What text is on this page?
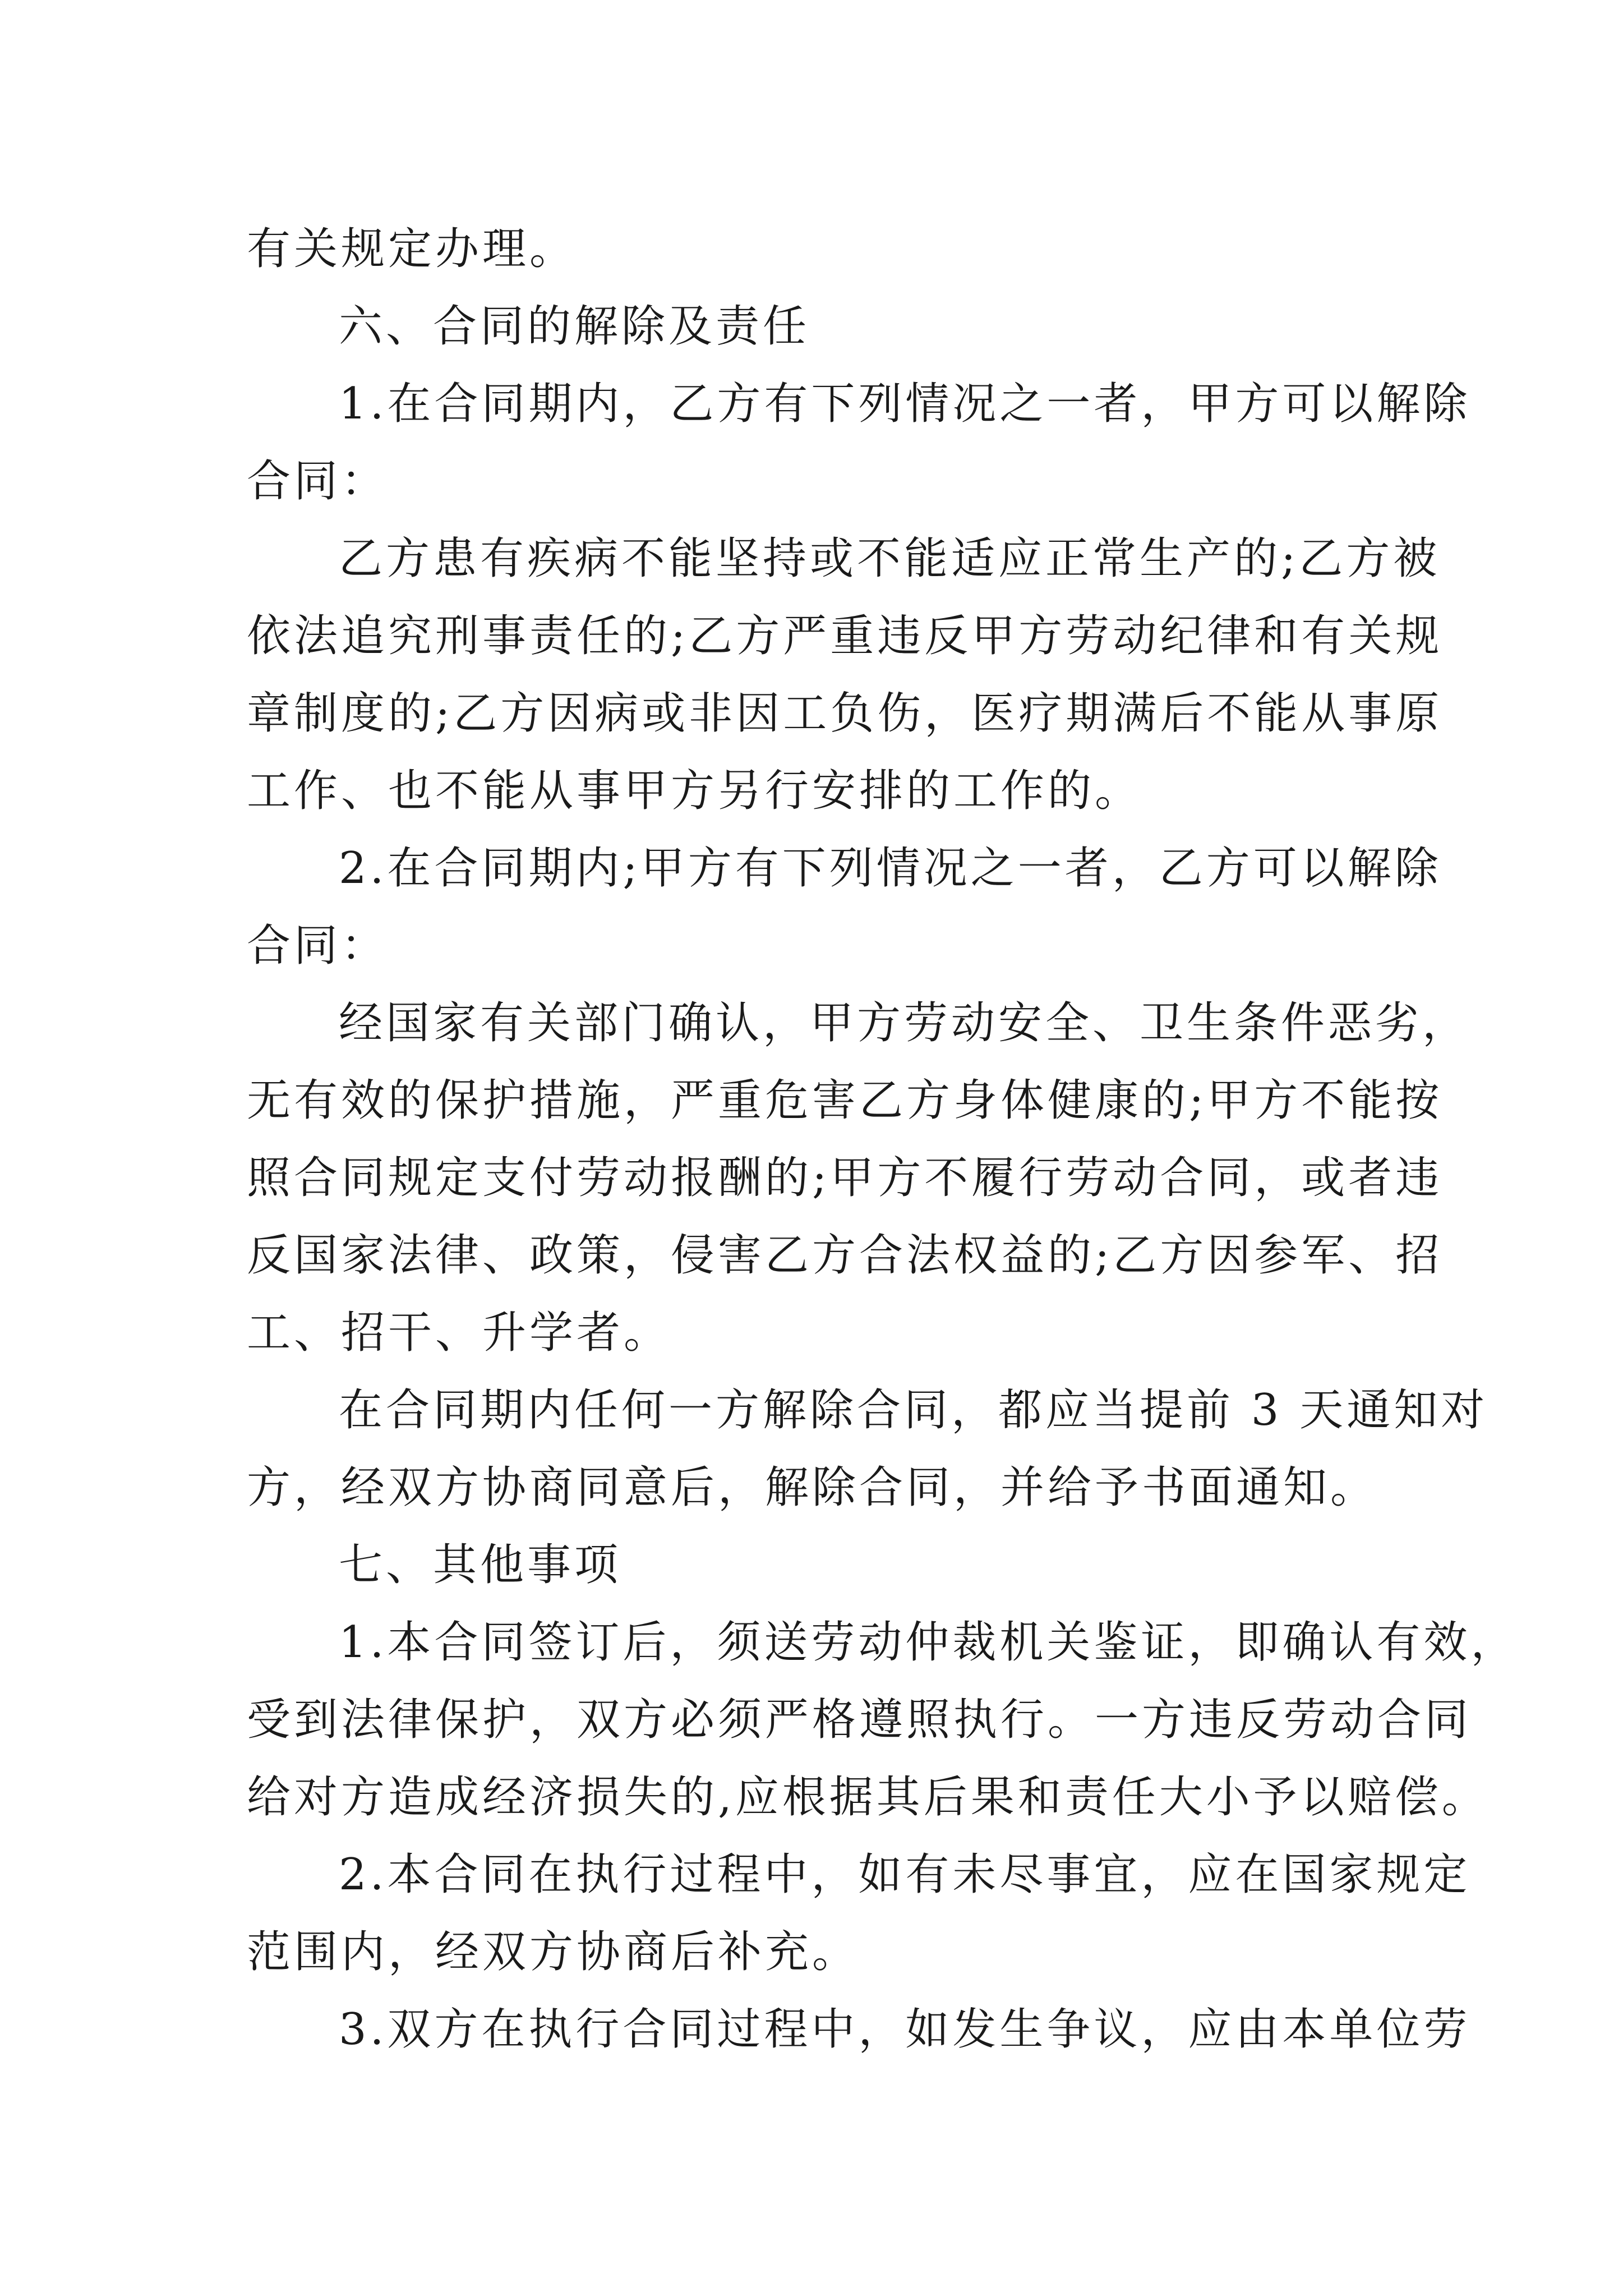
有关规定办理。
六、合同的解除及责任
1.在合同期内，乙方有下列情况之一者，甲方可以解除
合同：
乙方患有疾病不能坚持或不能适应正常生产的;乙方被
依法追究刑事责任的;乙方严重违反甲方劳动纪律和有关规
章制度的;乙方因病或非因工负伤，医疗期满后不能从事原
工作、也不能从事甲方另行安排的工作的。
2.在合同期内;甲方有下列情况之一者，乙方可以解除
合同：
经国家有关部门确认，甲方劳动安全、卫生条件恶劣，
无有效的保护措施，严重危害乙方身体健康的;甲方不能按
照合同规定支付劳动报酬的;甲方不履行劳动合同，或者违
反国家法律、政策，侵害乙方合法权益的;乙方因参军、招
工、招干、升学者。
在合同期内任何一方解除合同，都应当提前 3 天通知对
方，经双方协商同意后，解除合同，并给予书面通知。
七、其他事项
1.本合同签订后，须送劳动仲裁机关鉴证，即确认有效，
受到法律保护，双方必须严格遵照执行。一方违反劳动合同
给对方造成经济损失的,应根据其后果和责任大小予以赔偿。
2.本合同在执行过程中，如有未尽事宜，应在国家规定
范围内，经双方协商后补充。
3.双方在执行合同过程中，如发生争议，应由本单位劳
